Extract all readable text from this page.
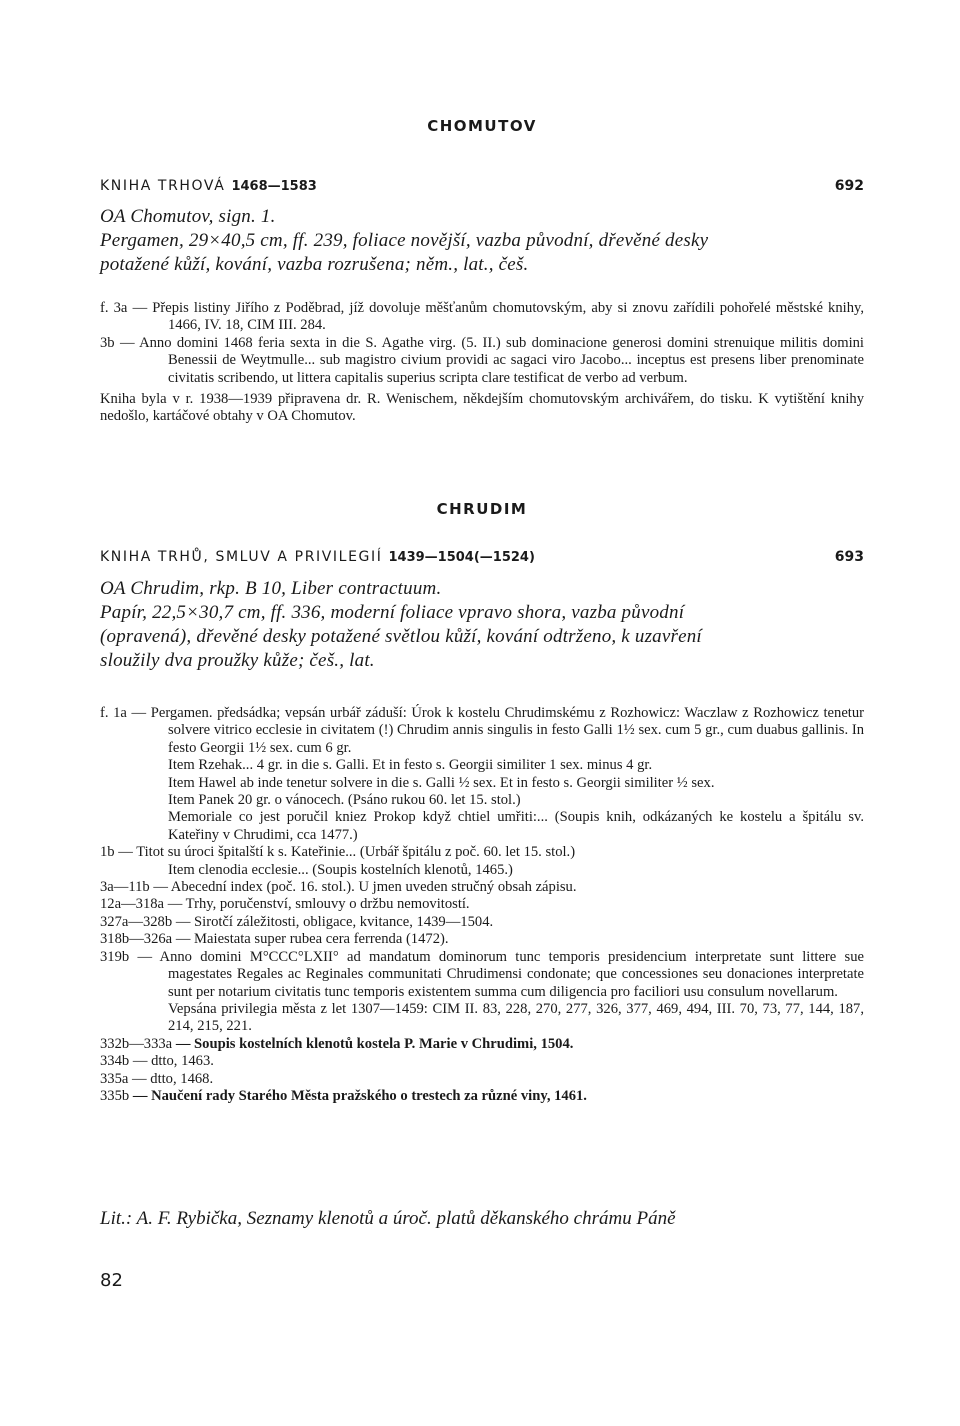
CHOMUTOV
KNIHA TRHOVÁ 1468—1583	692
OA Chomutov, sign. 1.
Pergamen, 29×40,5 cm, ff. 239, foliace novější, vazba původní, dřevěné desky
potažené kůží, kování, vazba rozrušena; něm., lat., češ.
f. 3a — Přepis listiny Jiřího z Poděbrad, jíž dovoluje měšťanům chomutovským, aby si znovu zařídili pohořelé městské knihy, 1466, IV. 18, CIM III. 284.
3b — Anno domini 1468 feria sexta in die S. Agathe virg. (5. II.) sub dominacione generosi domini strenuique militis domini Benessii de Weytmulle... sub magistro civium providi ac sagaci viro Jacobo... inceptus est presens liber prenominate civitatis scribendo, ut littera capitalis superius scripta clare testificat de verbo ad verbum.
Kniha byla v r. 1938—1939 připravena dr. R. Wenischem, někdejším chomutovským archivářem, do tisku. K vytištění knihy nedošlo, kartáčové obtahy v OA Chomutov.
CHRUDIM
KNIHA TRHŮ, SMLUV A PRIVILEGIÍ 1439—1504(—1524)	693
OA Chrudim, rkp. B 10, Liber contractuum.
Papír, 22,5×30,7 cm, ff. 336, moderní foliace vpravo shora, vazba původní
(opravená), dřevěné desky potažené světlou kůží, kování odtrženo, k uzavření
sloužily dva proužky kůže; češ., lat.
f. 1a — Pergamen. předsádka; vepsán urbář záduší: Úrok k kostelu Chrudimskému z Rozhowicz: Waczlaw z Rozhowicz tenetur solvere vitrico ecclesie in civitatem (!) Chrudim annis singulis in festo Galli 1½ sex. cum 5 gr., cum duabus gallinis. In festo Georgii 1½ sex. cum 6 gr.
Item Rzehak... 4 gr. in die s. Galli. Et in festo s. Georgii similiter 1 sex. minus 4 gr.
Item Hawel ab inde tenetur solvere in die s. Galli ½ sex. Et in festo s. Georgii similiter ½ sex.
Item Panek 20 gr. o vánocech. (Psáno rukou 60. let 15. stol.)
Memoriale co jest poručil kniez Prokop když chtiel umřiti:... (Soupis knih, odkázaných ke kostelu a špitálu sv. Kateřiny v Chrudimi, cca 1477.)
1b — Titot su úroci špitalští k s. Kateřinie... (Urbář špitálu z poč. 60. let 15. stol.)
Item clenodia ecclesie... (Soupis kostelních klenotů, 1465.)
3a—11b — Abecední index (poč. 16. stol.). U jmen uveden stručný obsah zápisu.
12a—318a — Trhy, poručenství, smlouvy o držbu nemovitostí.
327a—328b — Sirotčí záležitosti, obligace, kvitance, 1439—1504.
318b—326a — Maiestata super rubea cera ferrenda (1472).
319b — Anno domini M°CCC°LXII° ad mandatum dominorum tunc temporis presidencium interpretate sunt littere sue magestates Regales ac Reginales communitati Chrudimensi condonate; que concessiones seu donaciones interpretate sunt per notarium civitatis tunc temporis existentem summa cum diligencia pro faciliori usu consulum novellarum.
Vepsána privilegia města z let 1307—1459: CIM II. 83, 228, 270, 277, 326, 377, 469, 494, III. 70, 73, 77, 144, 187, 214, 215, 221.
332b—333a — Soupis kostelních klenotů kostela P. Marie v Chrudimi, 1504.
334b — dtto, 1463.
335a — dtto, 1468.
335b — Naučení rady Starého Města pražského o trestech za různé viny, 1461.
Lit.: A. F. Rybička, Seznamy klenotů a úroč. platů děkanského chrámu Páně
82
